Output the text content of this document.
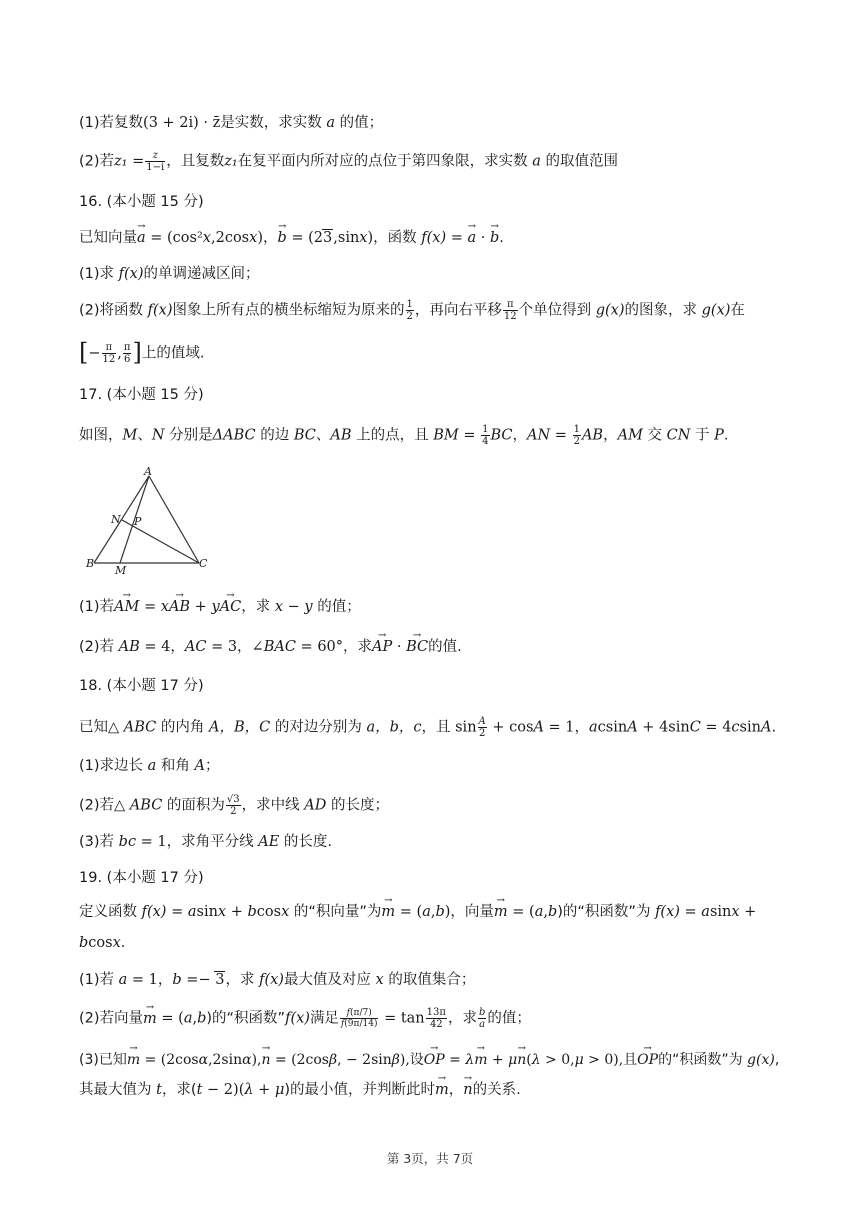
(1)若复数(3 + 2i) · z̄是实数，求实数 a 的值；
(2)若$z_1 = \frac{z}{1-i}$ ，且复数z₁在复平面内所对应的点位于第四象限，求实数 a 的取值范围
16. (本小题 15 分)
已知向量→ a = (cos²x,2cosx)，→ b = (23,sinx)，函数 f(x) = → a · → b.
(1)求 f(x)的单调递减区间；
(2)将函数 f(x)图象上所有点的横坐标缩短为原来的 $\frac{1}{2}$ ，再向右平移 $\frac{\pi}{12}$ 个单位得到 g(x)的图象，求 g(x)在
[− $\frac{\pi}{12}$ , $\frac{\pi}{6}$ ]上的值域.
17. (本小题 15 分)
如图，M、N 分别是ΔABC 的边 BC、AB 上的点，且 BM = $\frac{1}{4}$ BC，AN = $\frac{1}{2}$ AB，AM 交 CN 于 P.
A
B	C
N P
M
(1)若→ AM = x→ AB + y→ AC，求 x − y 的值；
(2)若 AB = 4，AC = 3，∠BAC = 60°，求→ AP · → BC的值.
18. (本小题 17 分)
已知△ ABC 的内角 A，B，C 的对边分别为 a，b，c，且 $\sin \frac{A}{2} + \cos A = 1$，acsinA + 4sinC = 4csinA.
(1)求边长 a 和角 A；
(2)若△ ABC 的面积为 $\frac{√3}{2}$ ，求中线 AD 的长度；
(3)若 bc = 1，求角平分线 AE 的长度.
19. (本小题 17 分)
定义函数 f(x) = asinx + bcosx 的“积向量”为→ m = (a,b)，向量→ m = (a,b)的“积函数”为 f(x) = asinx +
bcosx.
(1)若 a = 1，b =− 3，求 f(x)最大值及对应 x 的取值集合；
(2)若向量→ m = (a,b)的“积函数”f(x)满足 $\frac{f(\pi/7)}{f(9\pi/14)} = \tan \frac{13\pi}{42}$ ，求 $\frac{b}{a}$ 的值；
(3)已知→ m = (2cosα,2sinα),→ n = (2cosβ, − 2sinβ),设→ OP = λ→ m + μ→ n(λ > 0,μ > 0),且→ OP的“积函数”为 g(x),
其最大值为 t，求(t − 2)(λ + μ)的最小值，并判断此时→ m，→ n的关系.
第 3页，共 7页
